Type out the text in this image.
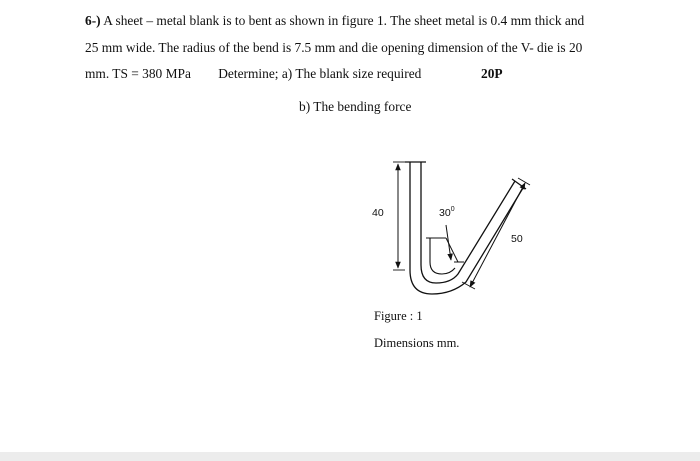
6-) A sheet – metal blank is to bent as shown in figure 1. The sheet metal is 0.4 mm thick and
25 mm wide. The radius of the bend is 7.5 mm and die opening dimension of the V- die is 20
mm. TS = 380 MPa Determine; a) The blank size required	20P
b) The bending force
40	$30^0$
50
Figure : 1
Dimensions mm.
